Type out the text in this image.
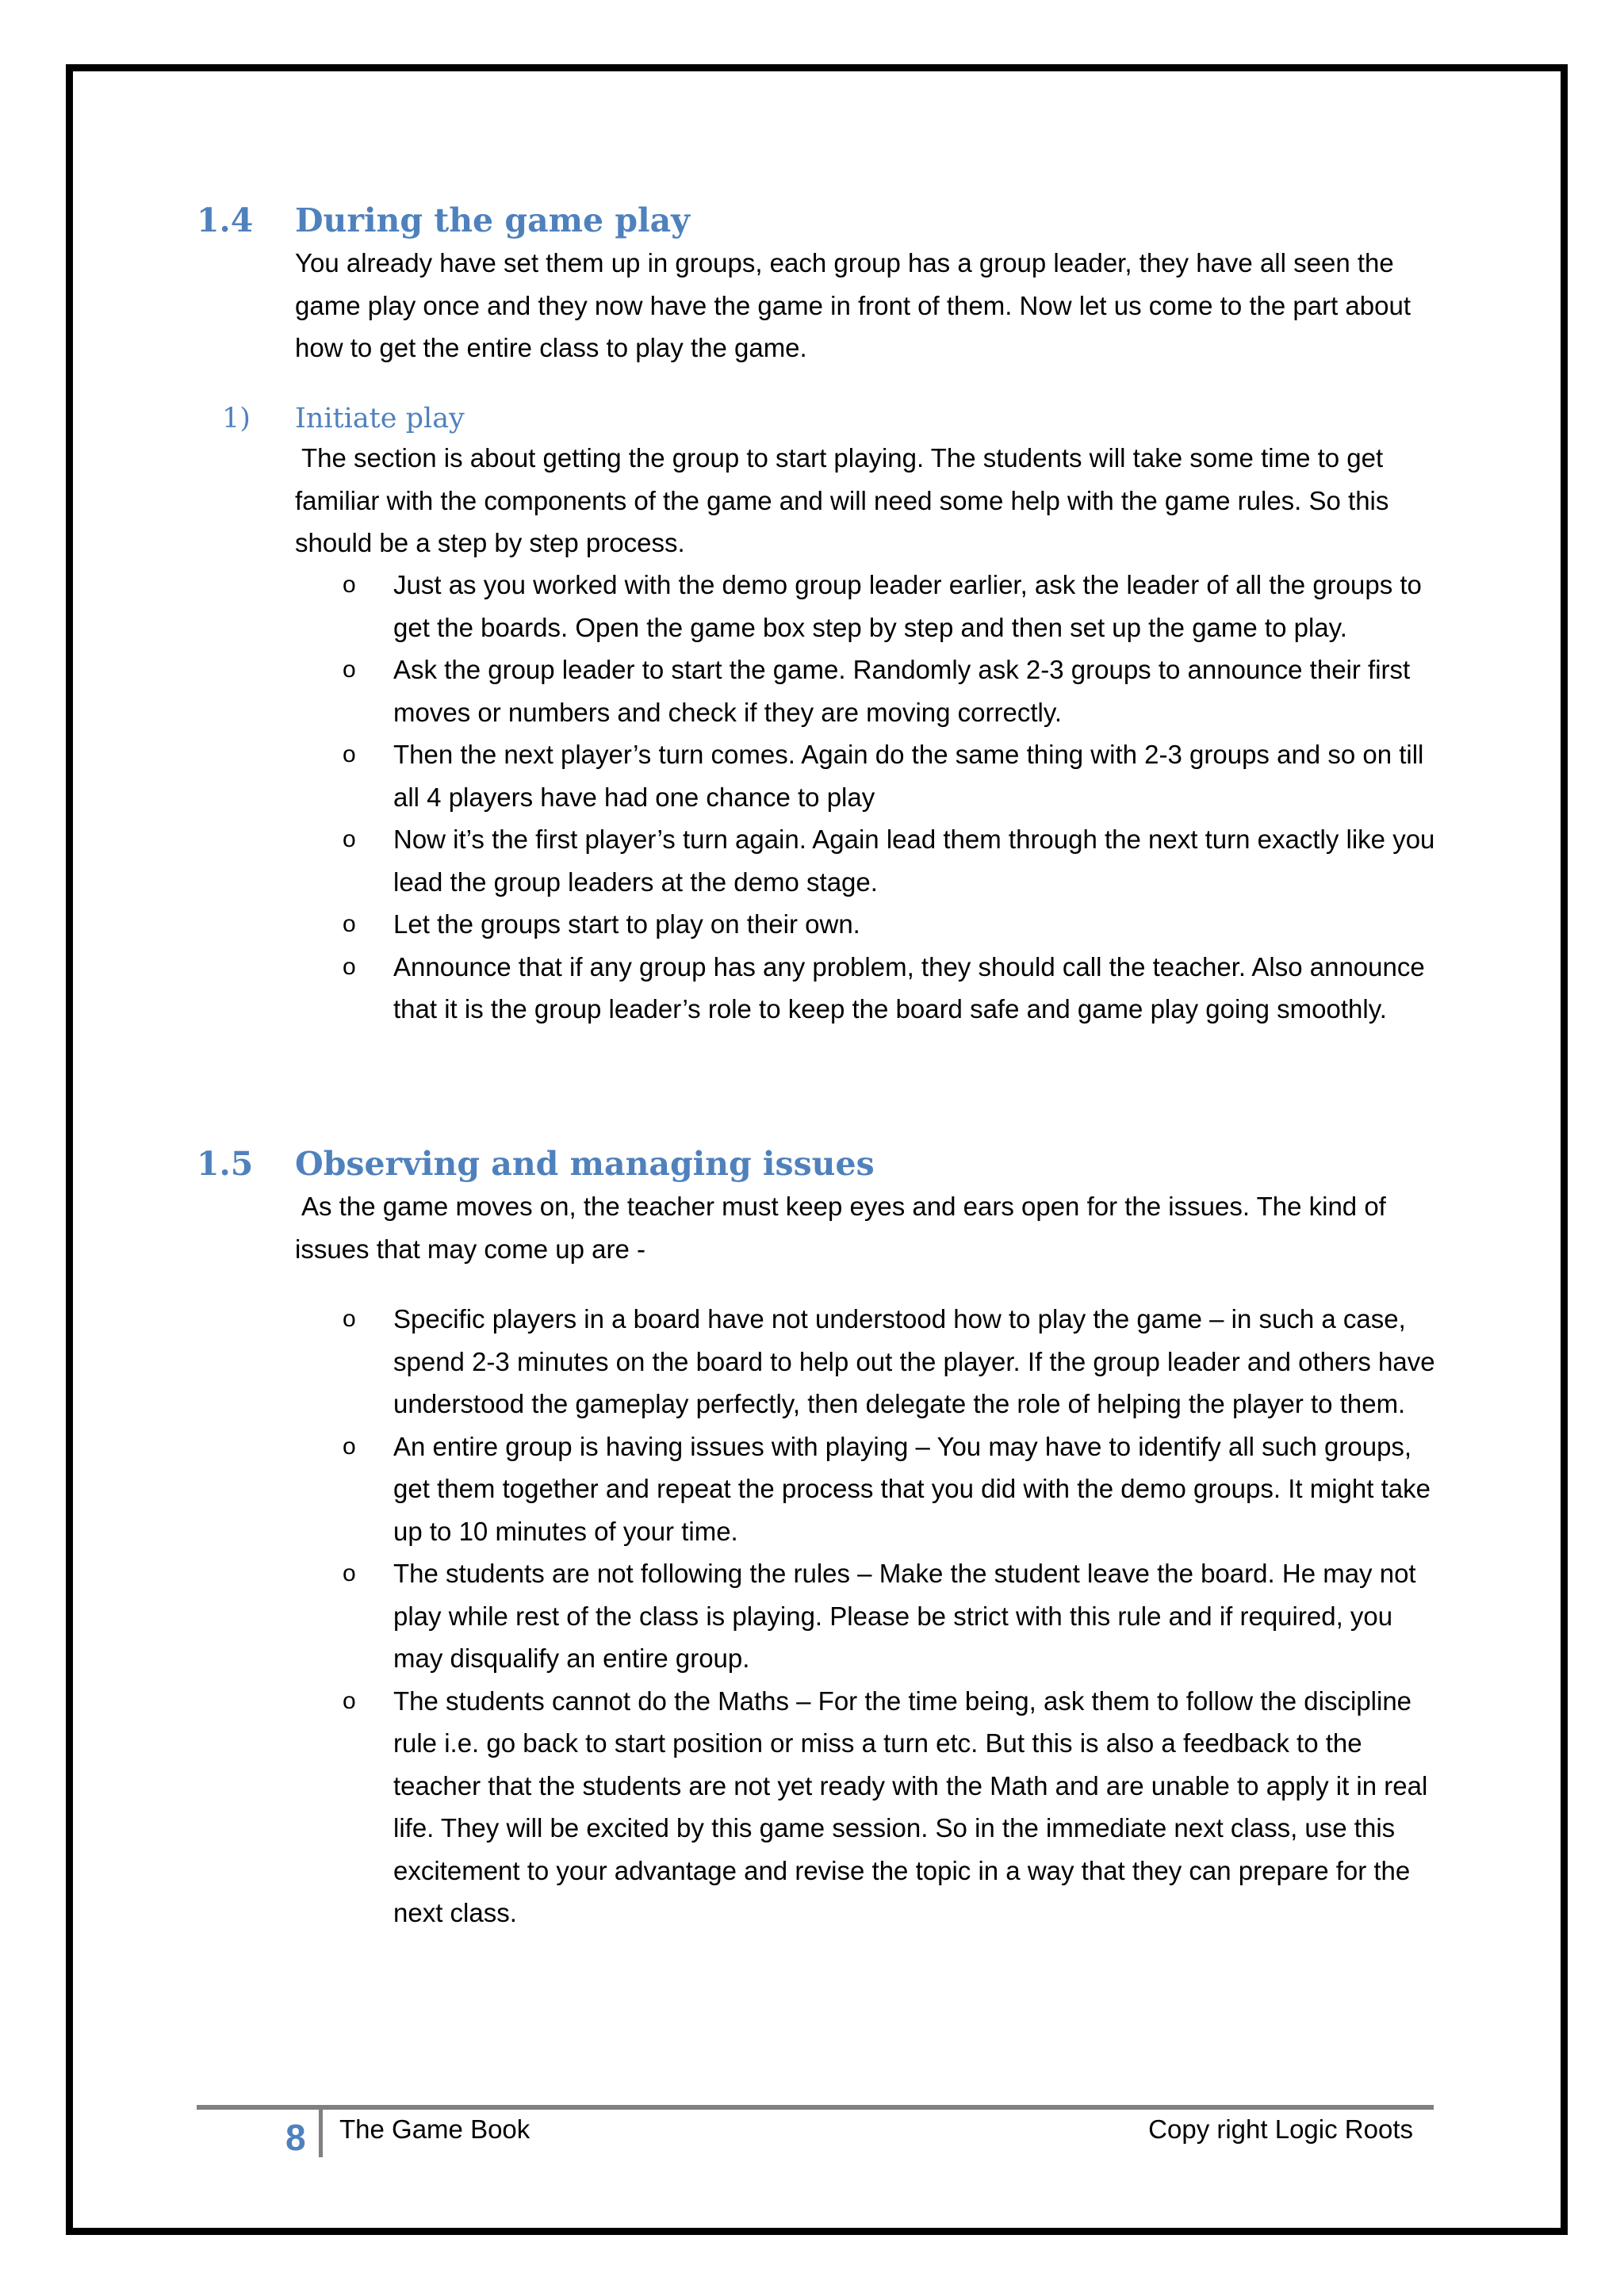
1.4 During the game play
You already have set them up in groups, each group has a group leader, they have all seen the game play once and they now have the game in front of them. Now let us come to the part about how to get the entire class to play the game.
1) Initiate play
The section is about getting the group to start playing. The students will take some time to get familiar with the components of the game and will need some help with the game rules. So this should be a step by step process.
o Just as you worked with the demo group leader earlier, ask the leader of all the groups to get the boards. Open the game box step by step and then set up the game to play.
o Ask the group leader to start the game. Randomly ask 2-3 groups to announce their first moves or numbers and check if they are moving correctly.
o Then the next player’s turn comes. Again do the same thing with 2-3 groups and so on till all 4 players have had one chance to play
o Now it’s the first player’s turn again. Again lead them through the next turn exactly like you lead the group leaders at the demo stage.
o Let the groups start to play on their own.
o Announce that if any group has any problem, they should call the teacher. Also announce that it is the group leader’s role to keep the board safe and game play going smoothly.
1.5 Observing and managing issues
As the game moves on, the teacher must keep eyes and ears open for the issues. The kind of issues that may come up are -
o Specific players in a board have not understood how to play the game – in such a case, spend 2-3 minutes on the board to help out the player. If the group leader and others have understood the gameplay perfectly, then delegate the role of helping the player to them.
o An entire group is having issues with playing – You may have to identify all such groups, get them together and repeat the process that you did with the demo groups. It might take up to 10 minutes of your time.
o The students are not following the rules – Make the student leave the board. He may not play while rest of the class is playing. Please be strict with this rule and if required, you may disqualify an entire group.
o The students cannot do the Maths – For the time being, ask them to follow the discipline rule i.e. go back to start position or miss a turn etc. But this is also a feedback to the teacher that the students are not yet ready with the Math and are unable to apply it in real life. They will be excited by this game session. So in the immediate next class, use this excitement to your advantage and revise the topic in a way that they can prepare for the next class.
8 The Game Book	Copy right Logic Roots
